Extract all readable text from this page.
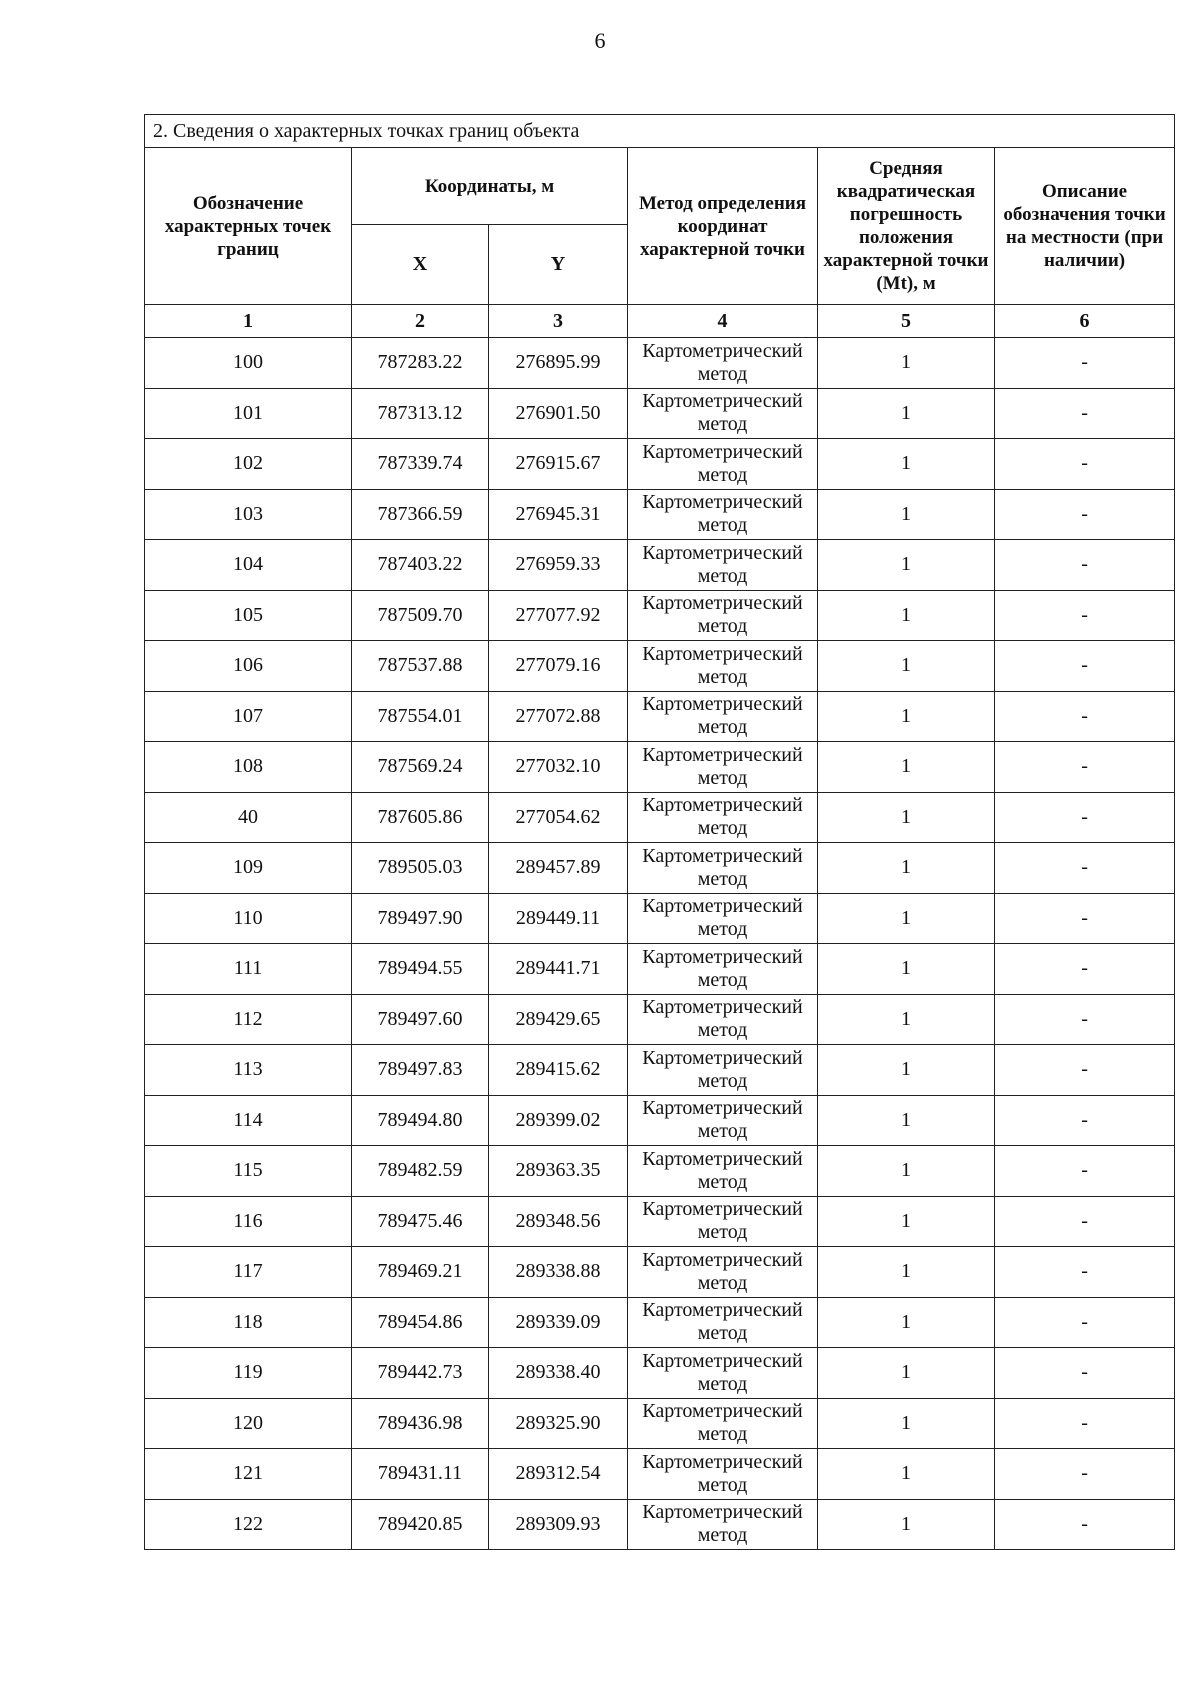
6
2. Сведения о характерных точках границ объекта					
Обозначение характерных точек границ	Координаты, м		Метод определения координат характерной точки	Средняя квадратическая погрешность положения характерной точки (Mt), м	Описание обозначения точки на местности (при наличии)
	X	Y			
1	2	3	4	5	6
100	787283.22	276895.99	Картометрический метод	1	-
101	787313.12	276901.50	Картометрический метод	1	-
102	787339.74	276915.67	Картометрический метод	1	-
103	787366.59	276945.31	Картометрический метод	1	-
104	787403.22	276959.33	Картометрический метод	1	-
105	787509.70	277077.92	Картометрический метод	1	-
106	787537.88	277079.16	Картометрический метод	1	-
107	787554.01	277072.88	Картометрический метод	1	-
108	787569.24	277032.10	Картометрический метод	1	-
40	787605.86	277054.62	Картометрический метод	1	-
109	789505.03	289457.89	Картометрический метод	1	-
110	789497.90	289449.11	Картометрический метод	1	-
111	789494.55	289441.71	Картометрический метод	1	-
112	789497.60	289429.65	Картометрический метод	1	-
113	789497.83	289415.62	Картометрический метод	1	-
114	789494.80	289399.02	Картометрический метод	1	-
115	789482.59	289363.35	Картометрический метод	1	-
116	789475.46	289348.56	Картометрический метод	1	-
117	789469.21	289338.88	Картометрический метод	1	-
118	789454.86	289339.09	Картометрический метод	1	-
119	789442.73	289338.40	Картометрический метод	1	-
120	789436.98	289325.90	Картометрический метод	1	-
121	789431.11	289312.54	Картометрический метод	1	-
122	789420.85	289309.93	Картометрический метод	1	-
